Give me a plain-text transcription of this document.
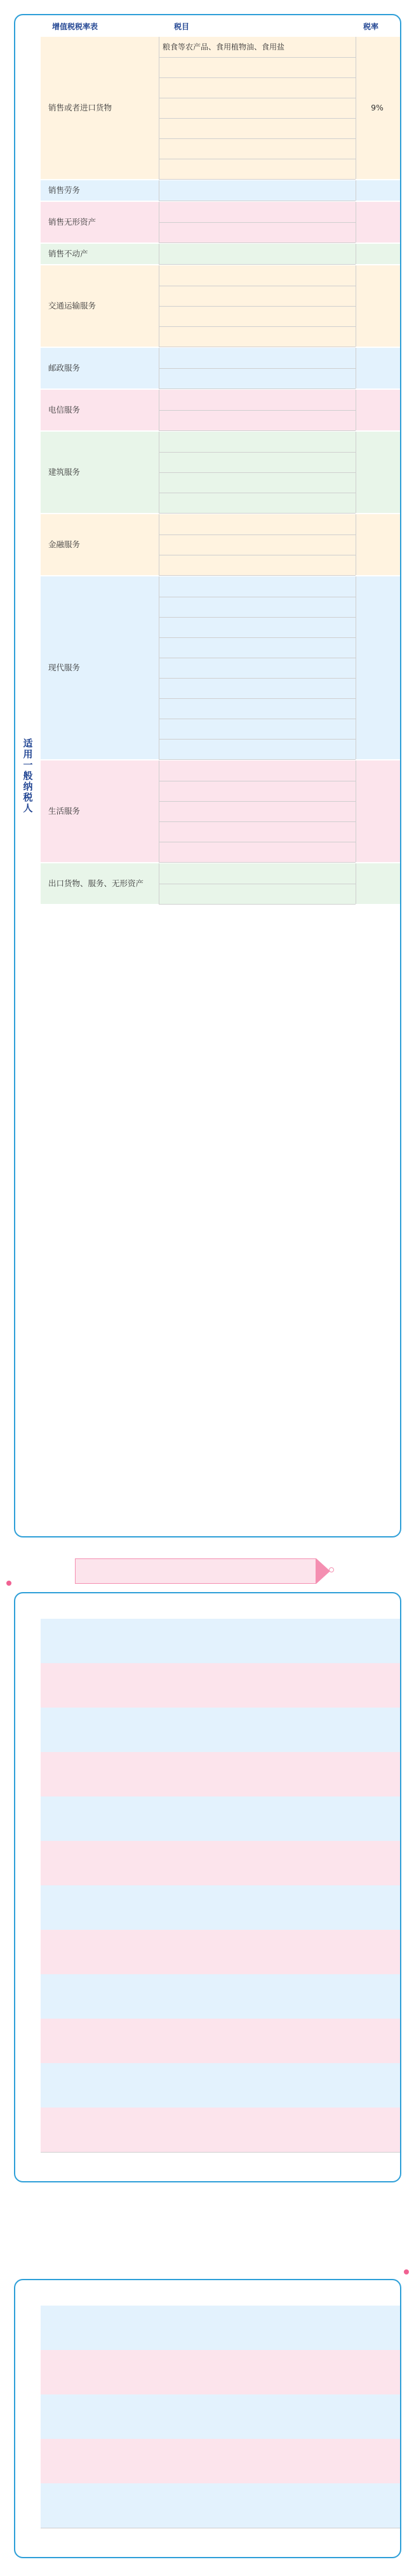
适用一般纳税人
增值税税率表	税目	税率
销售或者进口货物
粮食等农产品、食用植物油、食用盐
9%
销售劳务
销售无形资产
销售不动产
交通运输服务
邮政服务
电信服务
建筑服务
金融服务
现代服务
生活服务
出口货物、服务、无形资产
